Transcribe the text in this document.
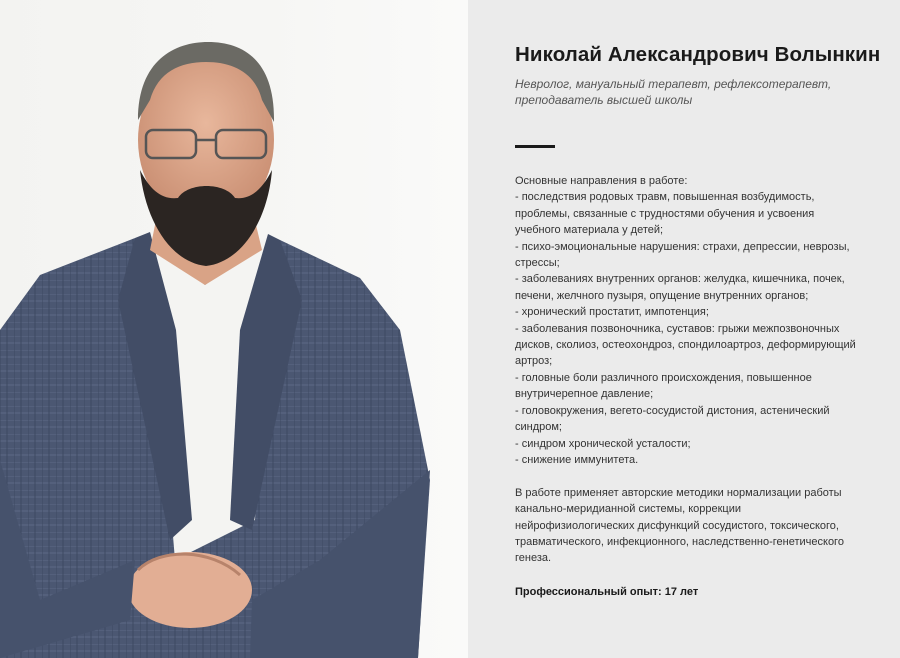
Николай Александрович Волынкин
Невролог, мануальный терапевт, рефлексотерапевт,
преподаватель высшей школы
Основные направления в работе:
- последствия родовых травм, повышенная возбудимость,
проблемы, связанные с трудностями обучения и усвоения
учебного материала у детей;
- психо-эмоциональные нарушения: страхи, депрессии, неврозы,
стрессы;
- заболеваниях внутренних органов: желудка, кишечника, почек,
печени, желчного пузыря, опущение внутренних органов;
- хронический простатит, импотенция;
- заболевания позвоночника, суставов: грыжи межпозвоночных
дисков, сколиоз, остеохондроз, спондилоартроз, деформирующий
артроз;
- головные боли различного происхождения, повышенное
внутричерепное давление;
- головокружения, вегето-сосудистой дистония, астенический
синдром;
- синдром хронической усталости;
- снижение иммунитета.
В работе применяет авторские методики нормализации работы
канально-меридианной системы, коррекции
нейрофизиологических дисфункций сосудистого, токсического,
травматического, инфекционного, наследственно-генетического
генеза.
Профессиональный опыт: 17 лет
